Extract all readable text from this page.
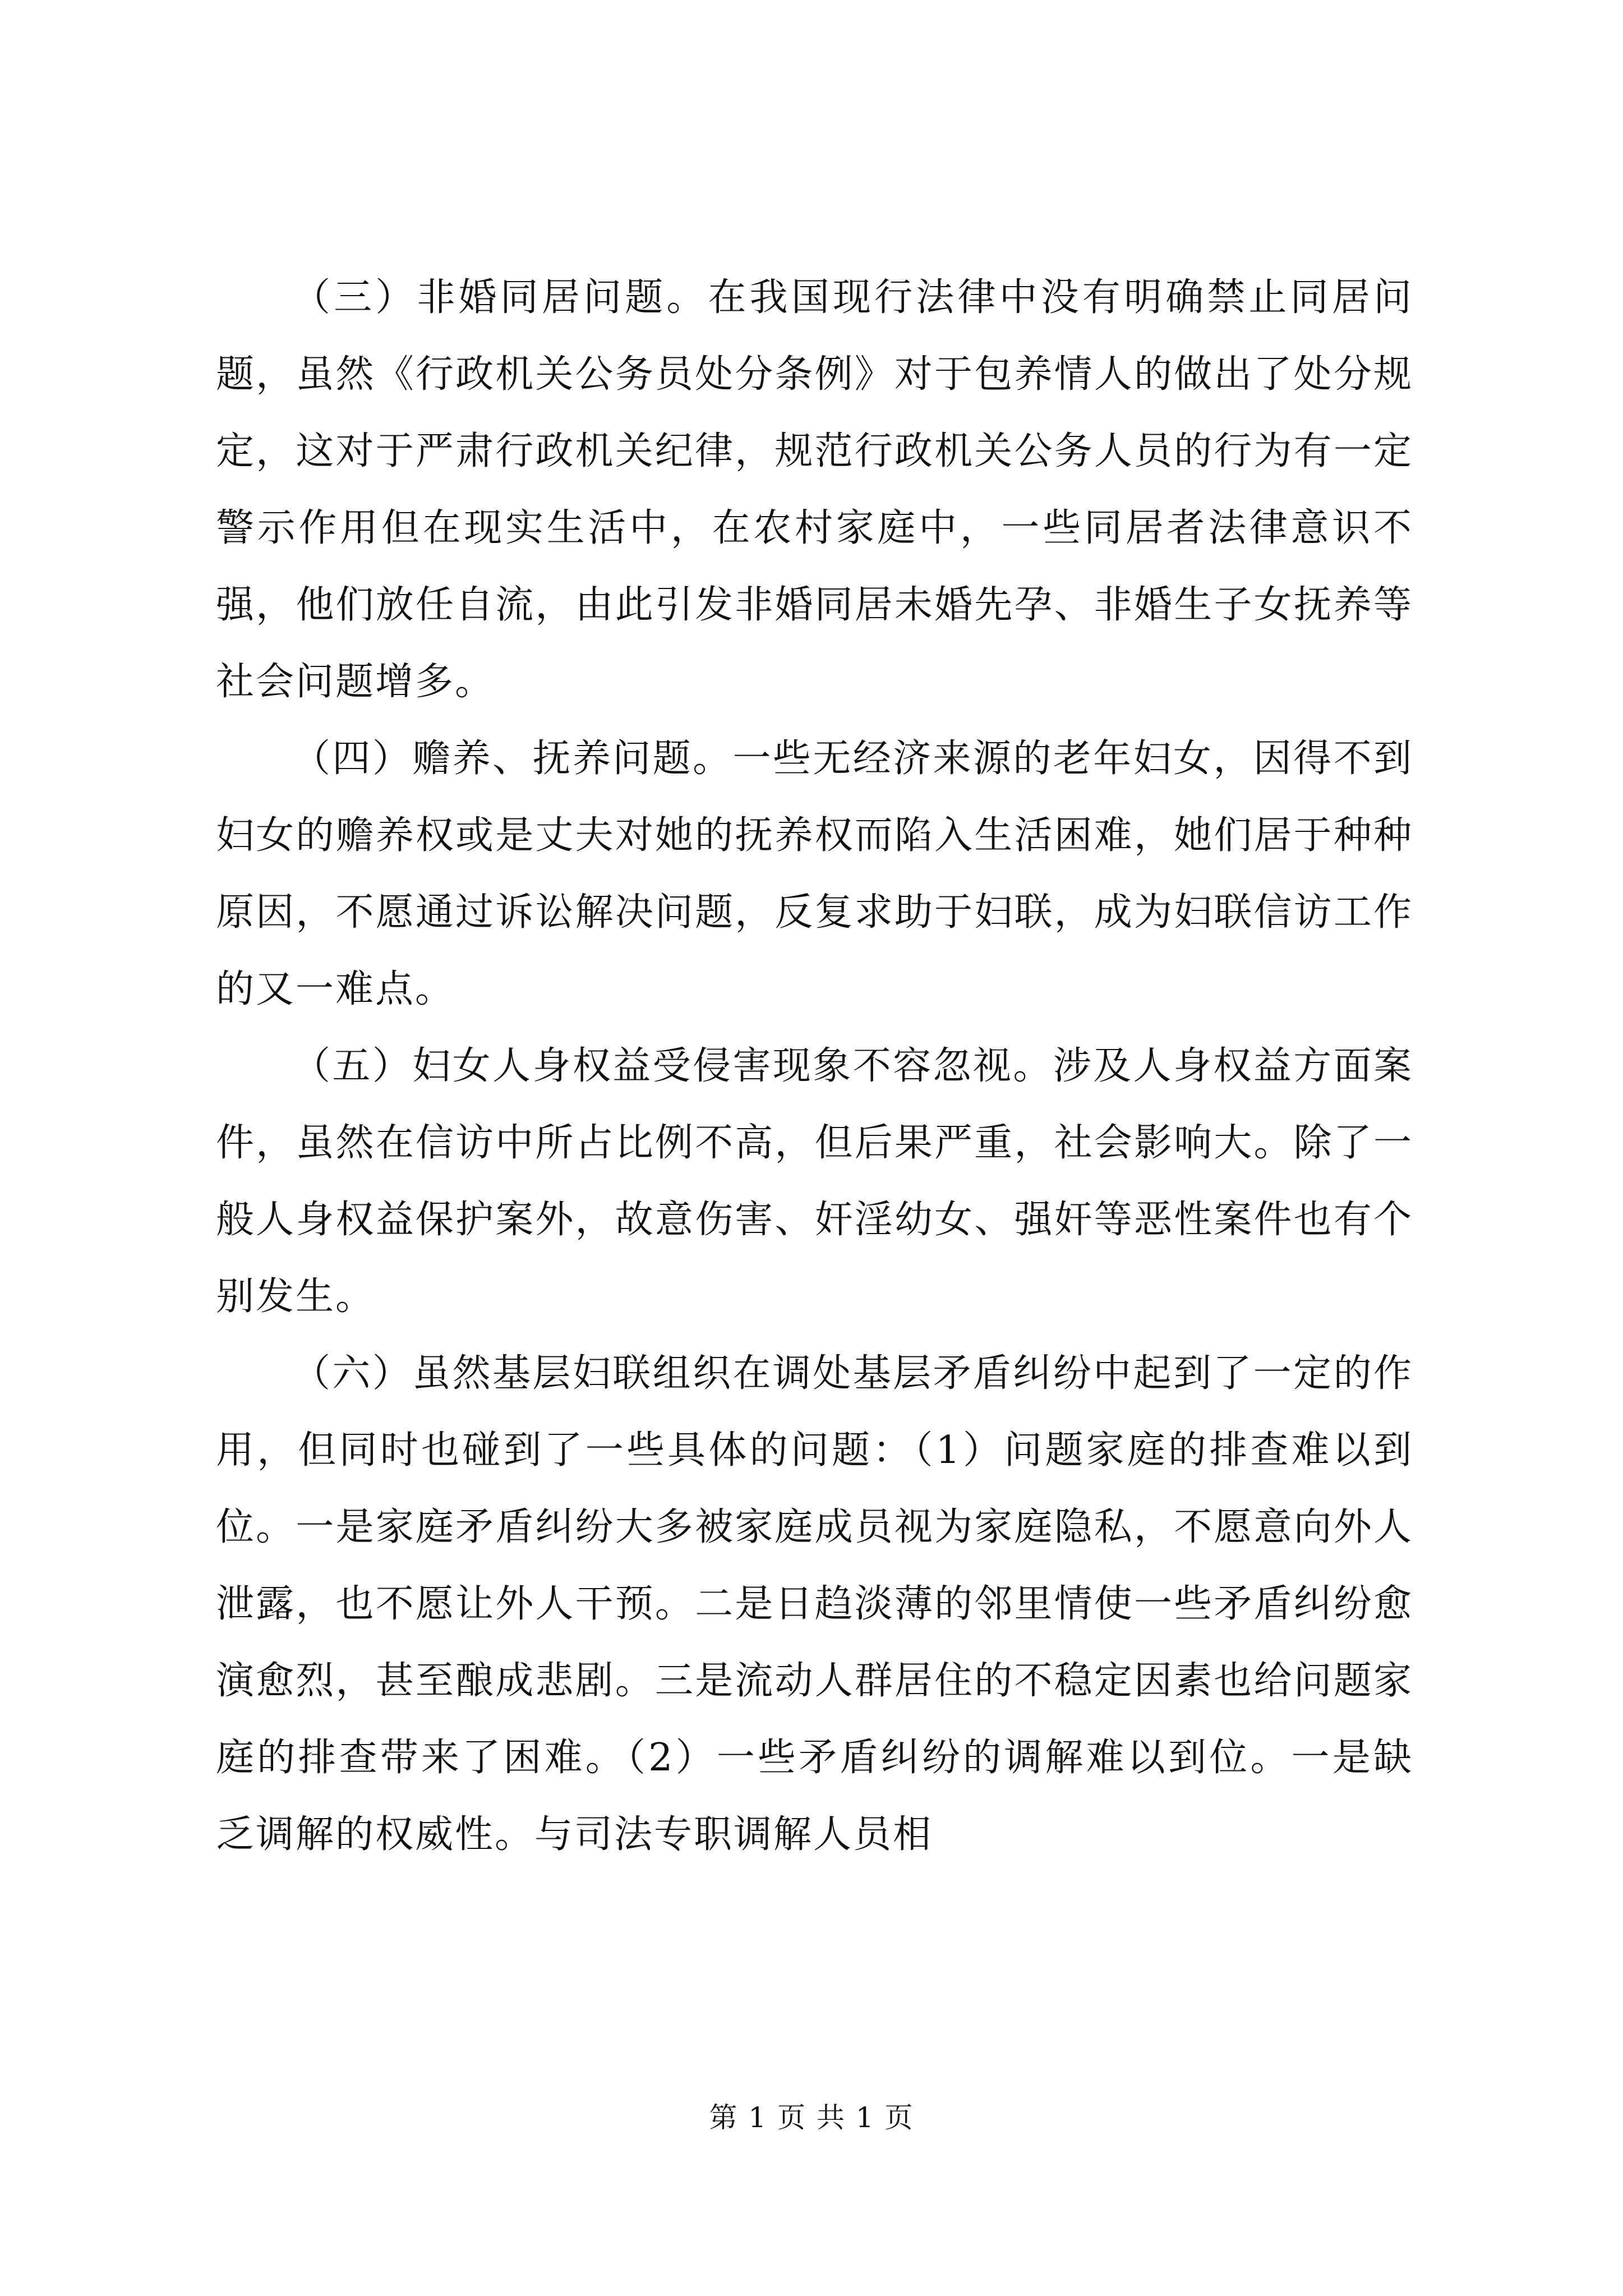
（三）非婚同居问题。在我国现行法律中没有明确禁止同居问题，虽然《行政机关公务员处分条例》对于包养情人的做出了处分规定，这对于严肃行政机关纪律，规范行政机关公务人员的行为有一定警示作用但在现实生活中，在农村家庭中，一些同居者法律意识不强，他们放任自流，由此引发非婚同居未婚先孕、非婚生子女抚养等社会问题增多。

（四）赡养、抚养问题。一些无经济来源的老年妇女，因得不到妇女的赡养权或是丈夫对她的抚养权而陷入生活困难，她们居于种种原因，不愿通过诉讼解决问题，反复求助于妇联，成为妇联信访工作的又一难点。

（五）妇女人身权益受侵害现象不容忽视。涉及人身权益方面案件，虽然在信访中所占比例不高，但后果严重，社会影响大。除了一般人身权益保护案外，故意伤害、奸淫幼女、强奸等恶性案件也有个别发生。

（六）虽然基层妇联组织在调处基层矛盾纠纷中起到了一定的作用，但同时也碰到了一些具体的问题：（1）问题家庭的排查难以到位。一是家庭矛盾纠纷大多被家庭成员视为家庭隐私，不愿意向外人泄露，也不愿让外人干预。二是日趋淡薄的邻里情使一些矛盾纠纷愈演愈烈，甚至酿成悲剧。三是流动人群居住的不稳定因素也给问题家庭的排查带来了困难。（2）一些矛盾纠纷的调解难以到位。一是缺乏调解的权威性。与司法专职调解人员相

第 1 页 共 1 页
